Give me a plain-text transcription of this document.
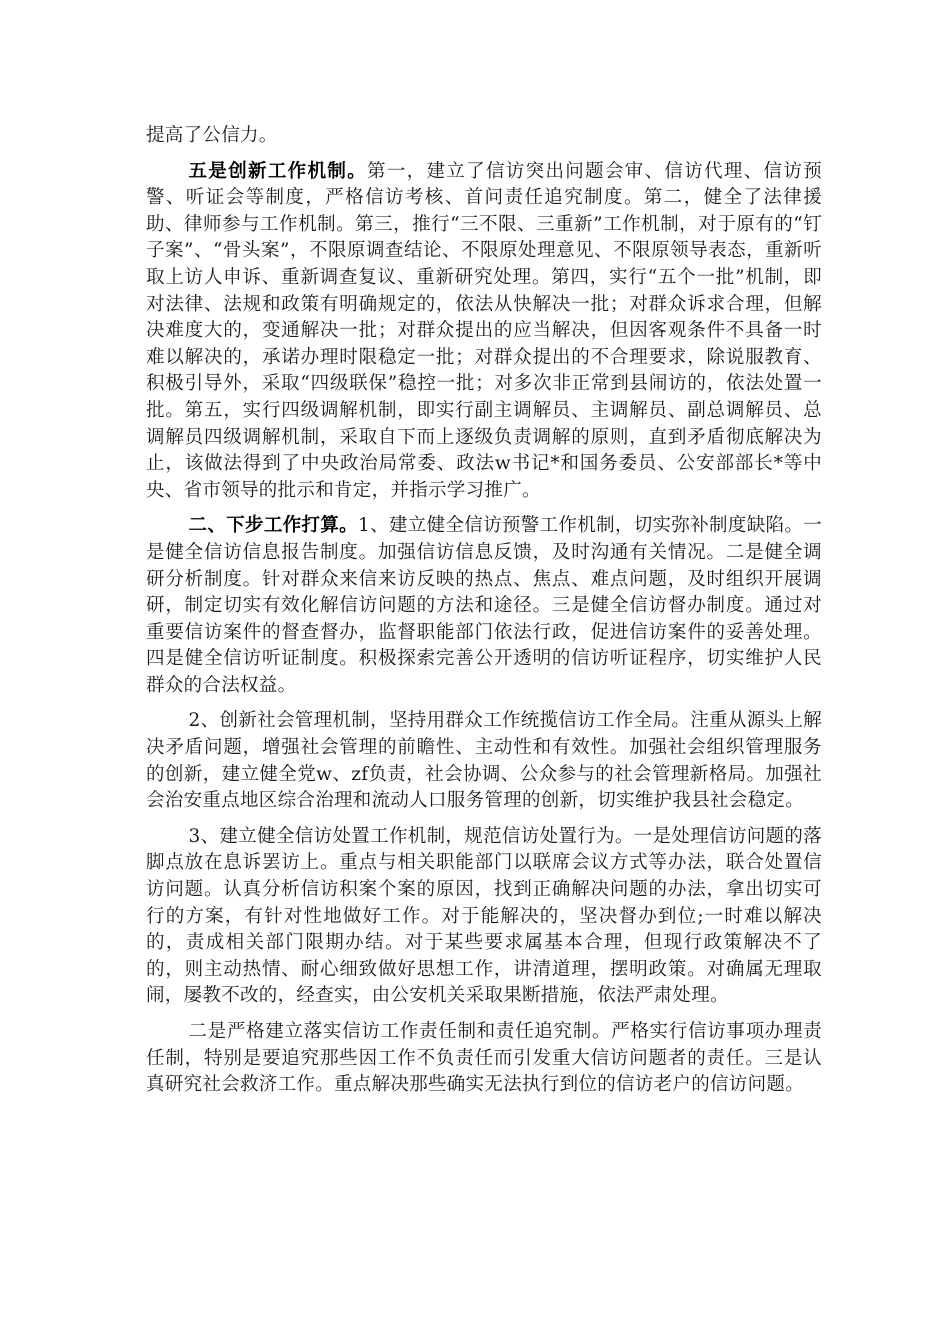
提高了公信力。

五是创新工作机制。第一，建立了信访突出问题会审、信访代理、信访预警、听证会等制度，严格信访考核、首问责任追究制度。第二，健全了法律援助、律师参与工作机制。第三，推行“三不限、三重新”工作机制，对于原有的“钉子案”、“骨头案”，不限原调查结论、不限原处理意见、不限原领导表态，重新听取上访人申诉、重新调查复议、重新研究处理。第四，实行“五个一批”机制，即对法律、法规和政策有明确规定的，依法从快解决一批；对群众诉求合理，但解决难度大的，变通解决一批；对群众提出的应当解决，但因客观条件不具备一时难以解决的，承诺办理时限稳定一批；对群众提出的不合理要求，除说服教育、积极引导外，采取“四级联保”稳控一批；对多次非正常到县闹访的，依法处置一批。第五，实行四级调解机制，即实行副主调解员、主调解员、副总调解员、总调解员四级调解机制，采取自下而上逐级负责调解的原则，直到矛盾彻底解决为止，该做法得到了中央政治局常委、政法w书记*和国务委员、公安部部长*等中央、省市领导的批示和肯定，并指示学习推广。

二、下步工作打算。1、建立健全信访预警工作机制，切实弥补制度缺陷。一是健全信访信息报告制度。加强信访信息反馈，及时沟通有关情况。二是健全调研分析制度。针对群众来信来访反映的热点、焦点、难点问题，及时组织开展调研，制定切实有效化解信访问题的方法和途径。三是健全信访督办制度。通过对重要信访案件的督查督办，监督职能部门依法行政，促进信访案件的妥善处理。四是健全信访听证制度。积极探索完善公开透明的信访听证程序，切实维护人民群众的合法权益。

2、创新社会管理机制，坚持用群众工作统揽信访工作全局。注重从源头上解决矛盾问题，增强社会管理的前瞻性、主动性和有效性。加强社会组织管理服务的创新，建立健全党w、zf负责，社会协调、公众参与的社会管理新格局。加强社会治安重点地区综合治理和流动人口服务管理的创新，切实维护我县社会稳定。

3、建立健全信访处置工作机制，规范信访处置行为。一是处理信访问题的落脚点放在息诉罢访上。重点与相关职能部门以联席会议方式等办法，联合处置信访问题。认真分析信访积案个案的原因，找到正确解决问题的办法，拿出切实可行的方案，有针对性地做好工作。对于能解决的，坚决督办到位;一时难以解决的，责成相关部门限期办结。对于某些要求属基本合理，但现行政策解决不了的，则主动热情、耐心细致做好思想工作，讲清道理，摆明政策。对确属无理取闹，屡教不改的，经查实，由公安机关采取果断措施，依法严肃处理。

二是严格建立落实信访工作责任制和责任追究制。严格实行信访事项办理责任制，特别是要追究那些因工作不负责任而引发重大信访问题者的责任。三是认真研究社会救济工作。重点解决那些确实无法执行到位的信访老户的信访问题。
